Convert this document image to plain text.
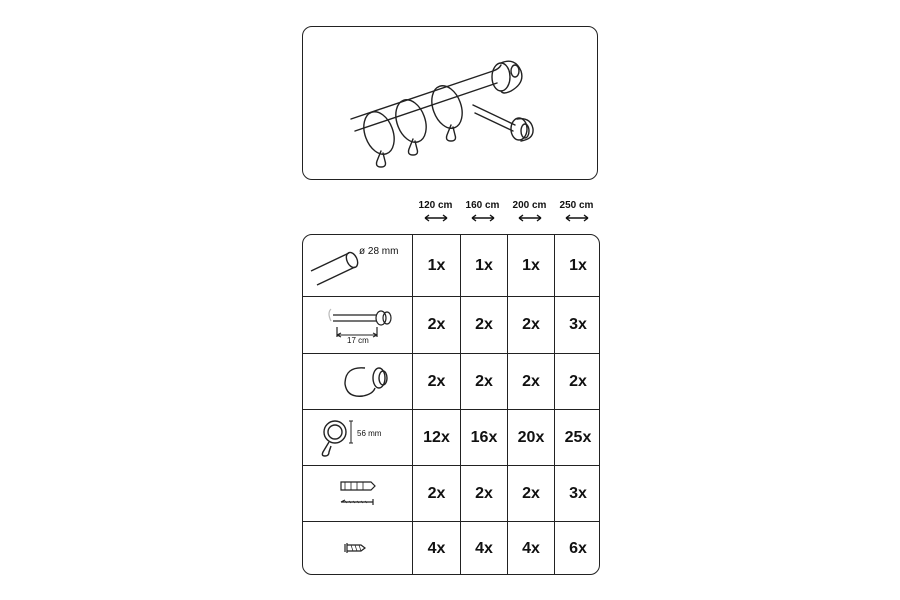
120 cm	160 cm	200 cm	250 cm
ø 28 mm
1x	1x	1x	1x
17 cm
2x	2x	2x	3x
2x	2x	2x	2x
56 mm	12x	16x	20x	25x
2x	2x	2x	3x
4x	4x	4x	6x
